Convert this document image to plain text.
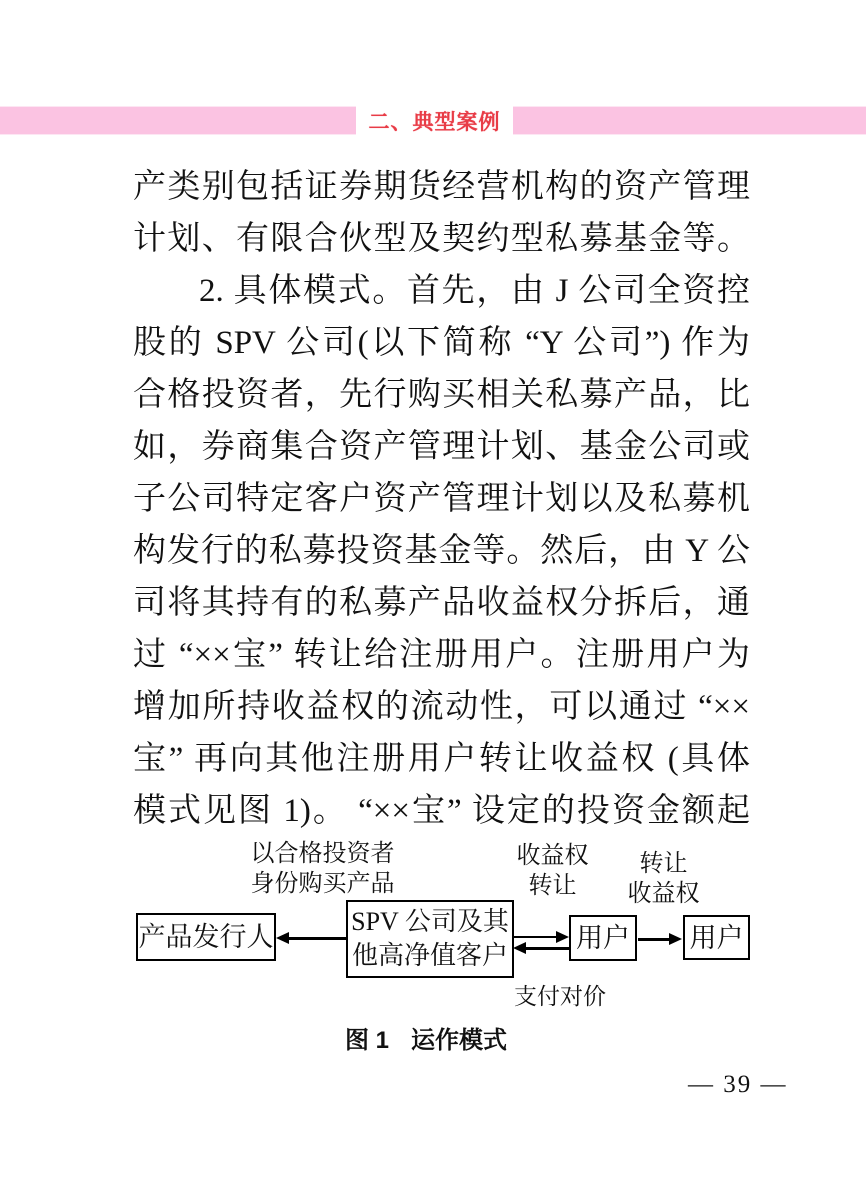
二、典型案例
产类别包括证券期货经营机构的资产管理
计划、有限合伙型及契约型私募基金等。
2. 具体模式。首先，由 J 公司全资控
股的 SPV 公司(以下简称 “Y 公司”) 作为
合格投资者，先行购买相关私募产品，比
如，券商集合资产管理计划、基金公司或
子公司特定客户资产管理计划以及私募机
构发行的私募投资基金等。然后，由 Y 公
司将其持有的私募产品收益权分拆后，通
过 “××宝” 转让给注册用户。注册用户为
增加所持收益权的流动性，可以通过 “××
宝” 再向其他注册用户转让收益权 (具体
模式见图 1)。 “××宝” 设定的投资金额起
以合格投资者
身份购买产品
收益权
转让
转让
收益权
产品发行人
SPV 公司及其
他高净值客户
用户 用户
支付对价
图 1 运作模式
— 39 —
